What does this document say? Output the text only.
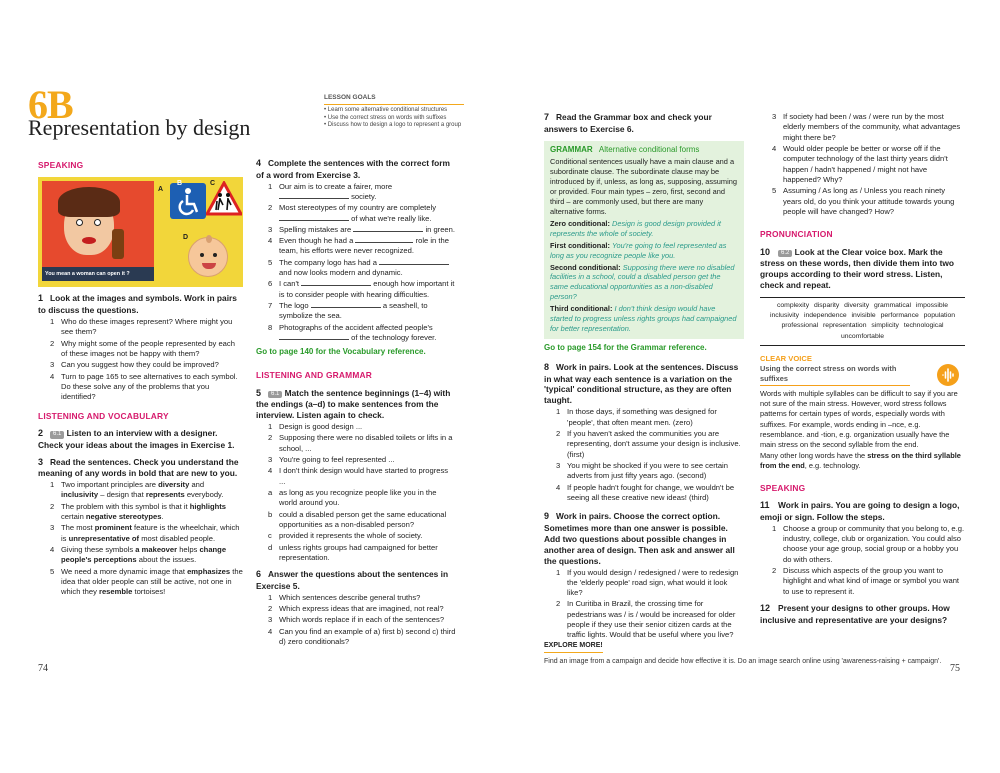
6B
Representation by design
LESSON GOALS
• Learn some alternative conditional structures
• Use the correct stress on words with suffixes
• Discuss how to design a logo to represent a group
SPEAKING
You mean a woman can open it ?
A
B	C
D
1 Look at the images and symbols. Work in pairs to discuss the questions.
1 Who do these images represent? Where might you see them?
2 Why might some of the people represented by each of these images not be happy with them?
3 Can you suggest how they could be improved?
4 Turn to page 165 to see alternatives to each symbol. Do these solve any of the problems that you identified?
LISTENING AND VOCABULARY
2 6.1 Listen to an interview with a designer. Check your ideas about the images in Exercise 1.
3 Read the sentences. Check you understand the meaning of any words in bold that are new to you.
1 Two important principles are diversity and inclusivity – design that represents everybody.
2 The problem with this symbol is that it highlights certain negative stereotypes.
3 The most prominent feature is the wheelchair, which is unrepresentative of most disabled people.
4 Giving these symbols a makeover helps change people's perceptions about the issues.
5 We need a more dynamic image that emphasizes the idea that older people can still be active, not one in which they resemble tortoises!
74
4 Complete the sentences with the correct form of a word from Exercise 3.
1 Our aim is to create a fairer, more  society.
2 Most stereotypes of my country are completely  of what we're really like.
3 Spelling mistakes are	in green.
4 Even though he had a	role in the team, his efforts were never recognized.
5 The company logo has had a  and now looks modern and dynamic.
6 I can't	enough how important it is to consider people with hearing difficulties.
7 The logo	a seashell, to symbolize the sea.
8 Photographs of the accident affected people's  of the technology forever.
Go to page 140 for the Vocabulary reference.
LISTENING AND GRAMMAR
5 6.1 Match the sentence beginnings (1–4) with the endings (a–d) to make sentences from the interview. Listen again to check.
1 Design is good design ...
2 Supposing there were no disabled toilets or lifts in a school, ...
3 You're going to feel represented ...
4 I don't think design would have started to progress ...
a as long as you recognize people like you in the world around you.
b could a disabled person get the same educational opportunities as a non-disabled person?
c provided it represents the whole of society.
d unless rights groups had campaigned for better representation.
6 Answer the questions about the sentences in Exercise 5.
1 Which sentences describe general truths?
2 Which express ideas that are imagined, not real?
3 Which words replace if in each of the sentences?
4 Can you find an example of a) first b) second c) third d) zero conditionals?
7 Read the Grammar box and check your answers to Exercise 6.
GRAMMAR Alternative conditional forms
Conditional sentences usually have a main clause and a subordinate clause. The subordinate clause may be introduced by if, unless, as long as, supposing, assuming or provided. Four main types – zero, first, second and third – are commonly used, but there are many alternative forms.
Zero conditional: Design is good design provided it represents the whole of society.
First conditional: You're going to feel represented as long as you recognize people like you.
Second conditional: Supposing there were no disabled facilities in a school, could a disabled person get the same educational opportunities as a non-disabled person?
Third conditional: I don't think design would have started to progress unless rights groups had campaigned for better representation.
Go to page 154 for the Grammar reference.
8 Work in pairs. Look at the sentences. Discuss in what way each sentence is a variation on the 'typical' conditional structure, as they are often taught.
1 In those days, if something was designed for 'people', that often meant men. (zero)
2 If you haven't asked the communities you are representing, don't assume your design is inclusive. (first)
3 You might be shocked if you were to see certain adverts from just fifty years ago. (second)
4 If people hadn't fought for change, we wouldn't be seeing all these creative new ideas! (third)
9 Work in pairs. Choose the correct option. Sometimes more than one answer is possible. Add two questions about possible changes in another area of design. Then ask and answer all the questions.
1 If you would design / redesigned / were to redesign the 'elderly people' road sign, what would it look like?
2 In Curitiba in Brazil, the crossing time for pedestrians was / is / would be increased for older people if they use their senior citizen cards at the traffic lights. Would that be useful where you live?
EXPLORE MORE!
Find an image from a campaign and decide how effective it is. Do an image search online using 'awareness-raising + campaign'.
3 If society had been / was / were run by the most elderly members of the community, what advantages might there be?
4 Would older people be better or worse off if the computer technology of the last thirty years didn't happen / hadn't happened / might not have happened? Why?
5 Assuming / As long as / Unless you reach ninety years old, do you think your attitude towards young people will have changed? How?
PRONUNCIATION
10 6.2 Look at the Clear voice box. Mark the stress on these words, then divide them into two groups according to their word stress. Listen, check and repeat.
complexity disparity diversity grammatical impossible inclusivity independence invisible performance population professional representation simplicity technological uncomfortable
CLEAR VOICE
Using the correct stress on words with suffixes
Words with multiple syllables can be difficult to say if you are not sure of the main stress. However, word stress follows patterns for certain types of words, especially words with suffixes. For example, words ending in –nce, e.g. resemblance. and -tion, e.g. organization usually have the main stress on the second syllable from the end.
Many other long words have the stress on the third syllable from the end, e.g. technology.
SPEAKING
11 Work in pairs. You are going to design a logo, emoji or sign. Follow the steps.
1 Choose a group or community that you belong to, e.g. industry, college, club or organization. You could also choose your age group, social group or a hobby you do with others.
2 Discuss which aspects of the group you want to highlight and what kind of image or symbol you want to use to represent it.
12 Present your designs to other groups. How inclusive and representative are your designs?
75
